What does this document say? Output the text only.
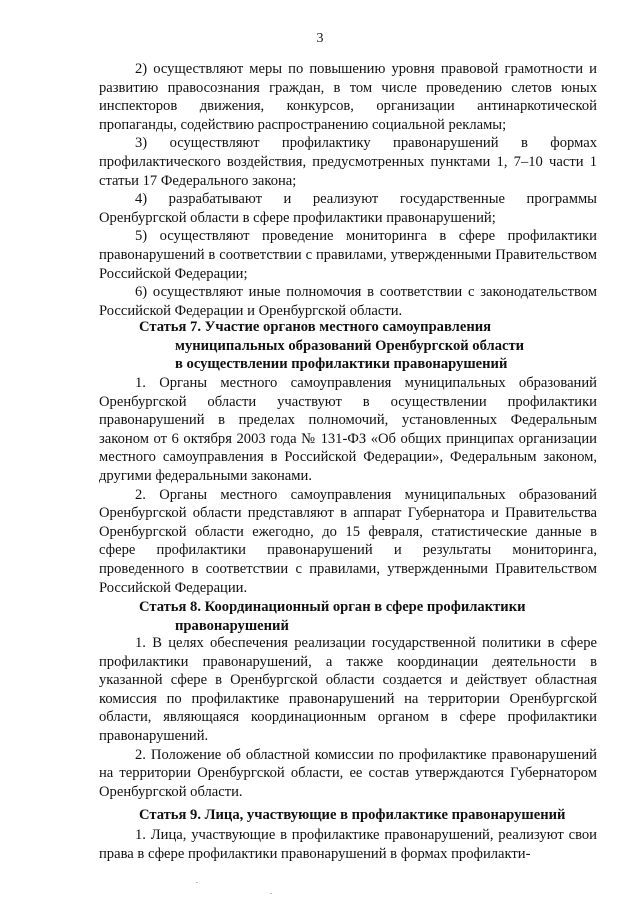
3

2) осуществляют меры по повышению уровня правовой грамотности и развитию правосознания граждан, в том числе проведению слетов юных инспекторов движения, конкурсов, организации антинаркотической пропаганды, содействию распространению социальной рекламы;

3) осуществляют профилактику правонарушений в формах профилактического воздействия, предусмотренных пунктами 1, 7–10 части 1 статьи 17 Федерального закона;

4) разрабатывают и реализуют государственные программы Оренбургской области в сфере профилактики правонарушений;

5) осуществляют проведение мониторинга в сфере профилактики правонарушений в соответствии с правилами, утвержденными Правительством Российской Федерации;

6) осуществляют иные полномочия в соответствии с законодательством Российской Федерации и Оренбургской области.

Статья 7. Участие органов местного самоуправления
муниципальных образований Оренбургской области
в осуществлении профилактики правонарушений

1. Органы местного самоуправления муниципальных образований Оренбургской области участвуют в осуществлении профилактики правонарушений в пределах полномочий, установленных Федеральным законом от 6 октября 2003 года № 131-ФЗ «Об общих принципах организации местного самоуправления в Российской Федерации», Федеральным законом, другими федеральными законами.

2. Органы местного самоуправления муниципальных образований Оренбургской области представляют в аппарат Губернатора и Правительства Оренбургской области ежегодно, до 15 февраля, статистические данные в сфере профилактики правонарушений и результаты мониторинга, проведенного в соответствии с правилами, утвержденными Правительством Российской Федерации.

Статья 8. Координационный орган в сфере профилактики
правонарушений

1. В целях обеспечения реализации государственной политики в сфере профилактики правонарушений, а также координации деятельности в указанной сфере в Оренбургской области создается и действует областная комиссия по профилактике правонарушений на территории Оренбургской области, являющаяся координационным органом в сфере профилактики правонарушений.

2. Положение об областной комиссии по профилактике правонарушений на территории Оренбургской области, ее состав утверждаются Губернатором Оренбургской области.

Статья 9. Лица, участвующие в профилактике правонарушений

1. Лица, участвующие в профилактике правонарушений, реализуют свои права в сфере профилактики правонарушений в формах профилакти-
